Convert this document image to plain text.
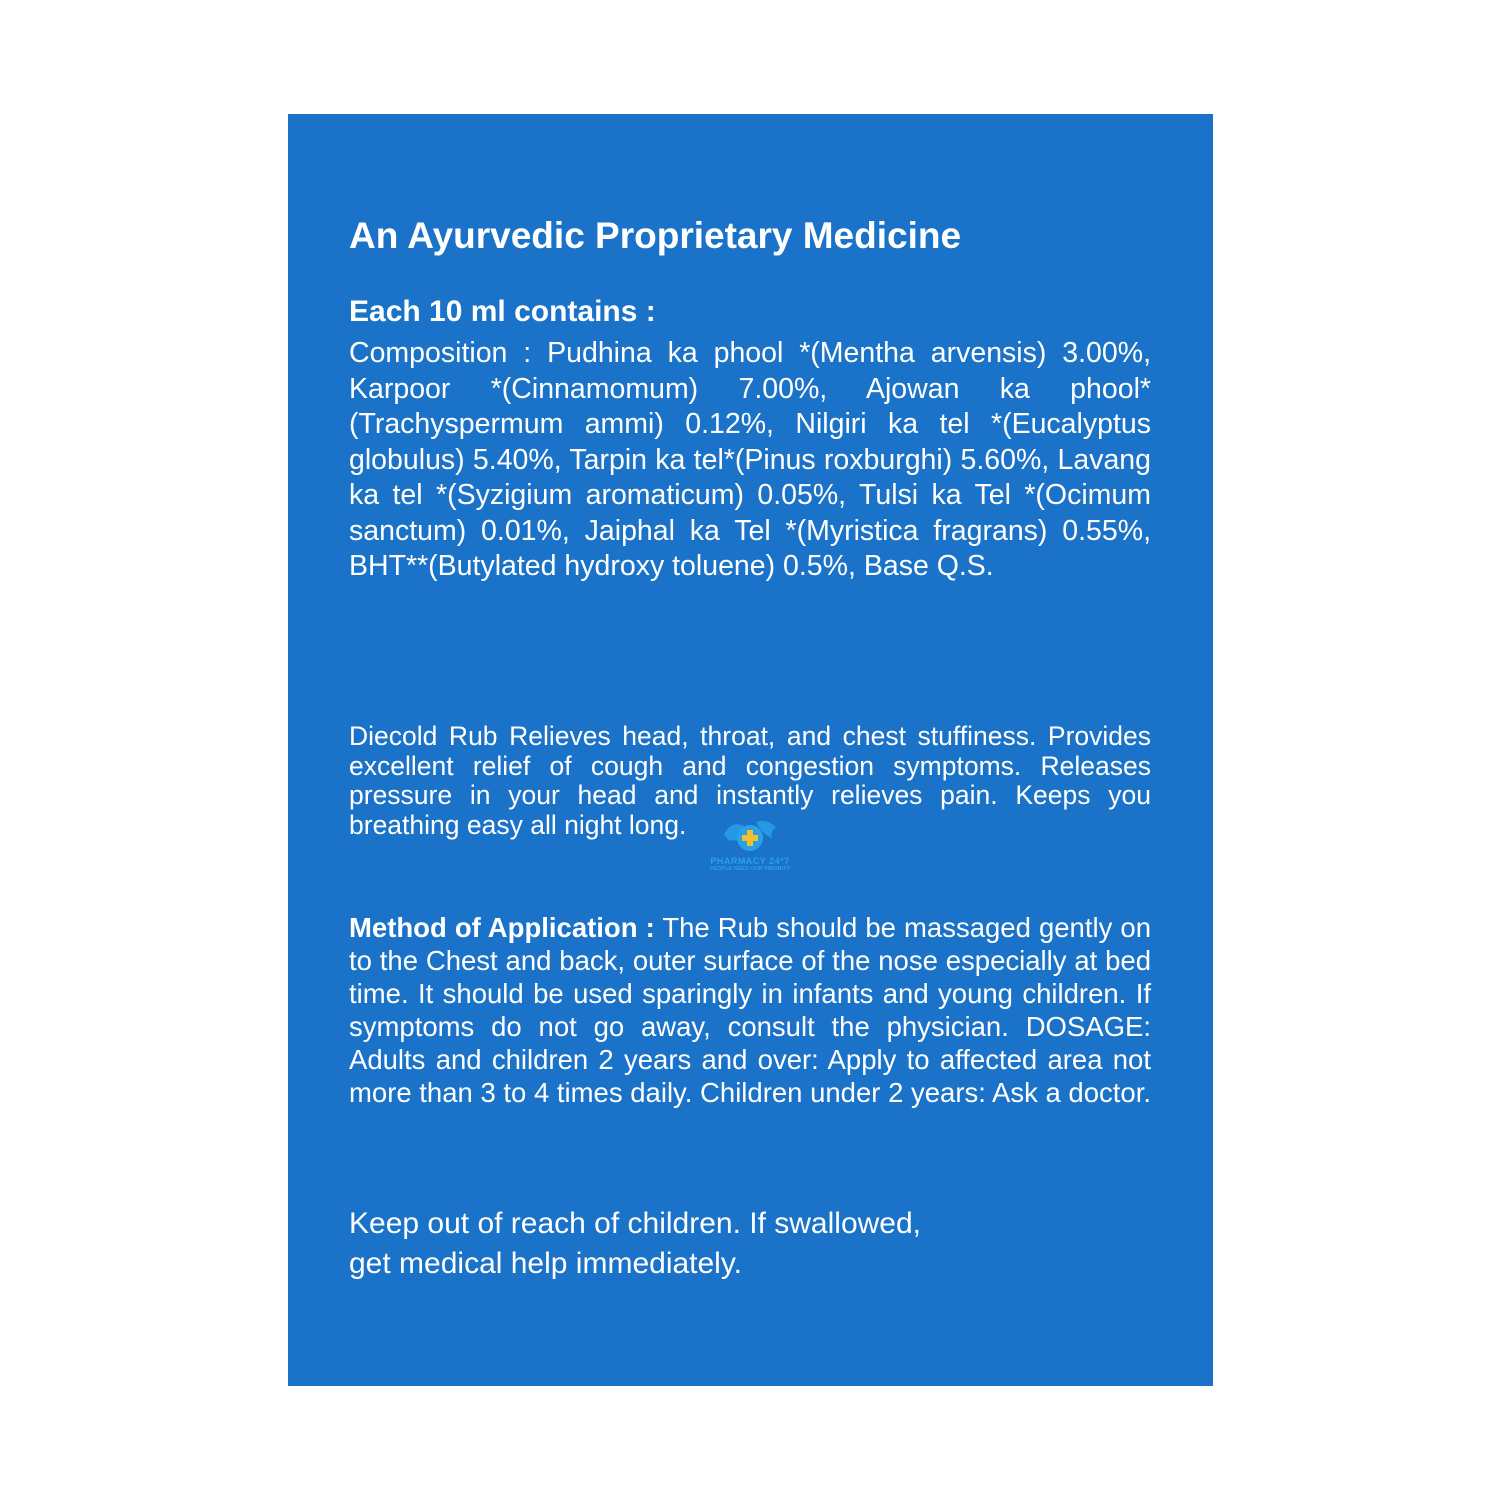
An Ayurvedic Proprietary Medicine
Each 10 ml contains :
Composition : Pudhina ka phool *(Mentha arvensis) 3.00%, Karpoor *(Cinnamomum) 7.00%, Ajowan ka phool* (Trachyspermum ammi) 0.12%, Nilgiri ka tel *(Eucalyptus globulus) 5.40%, Tarpin ka tel*(Pinus roxburghi) 5.60%, Lavang ka tel *(Syzigium aromaticum) 0.05%, Tulsi ka Tel *(Ocimum sanctum) 0.01%, Jaiphal ka Tel *(Myristica fragrans) 0.55%, BHT**(Butylated hydroxy toluene) 0.5%, Base Q.S.
Diecold Rub Relieves head, throat, and chest stuffiness. Provides excellent relief of cough and congestion symptoms. Releases pressure in your head and instantly relieves pain. Keeps you breathing easy all night long.
Method of Application : The Rub should be massaged gently on to the Chest and back, outer surface of the nose especially at bed time. It should be used sparingly in infants and young children. If symptoms do not go away, consult the physician. DOSAGE: Adults and children 2 years and over: Apply to affected area not more than 3 to 4 times daily. Children under 2 years: Ask a doctor.
Keep out of reach of children. If swallowed,
get medical help immediately.
PHARMACY 24*7
PEOPLE NEED OUR PRIORITY
